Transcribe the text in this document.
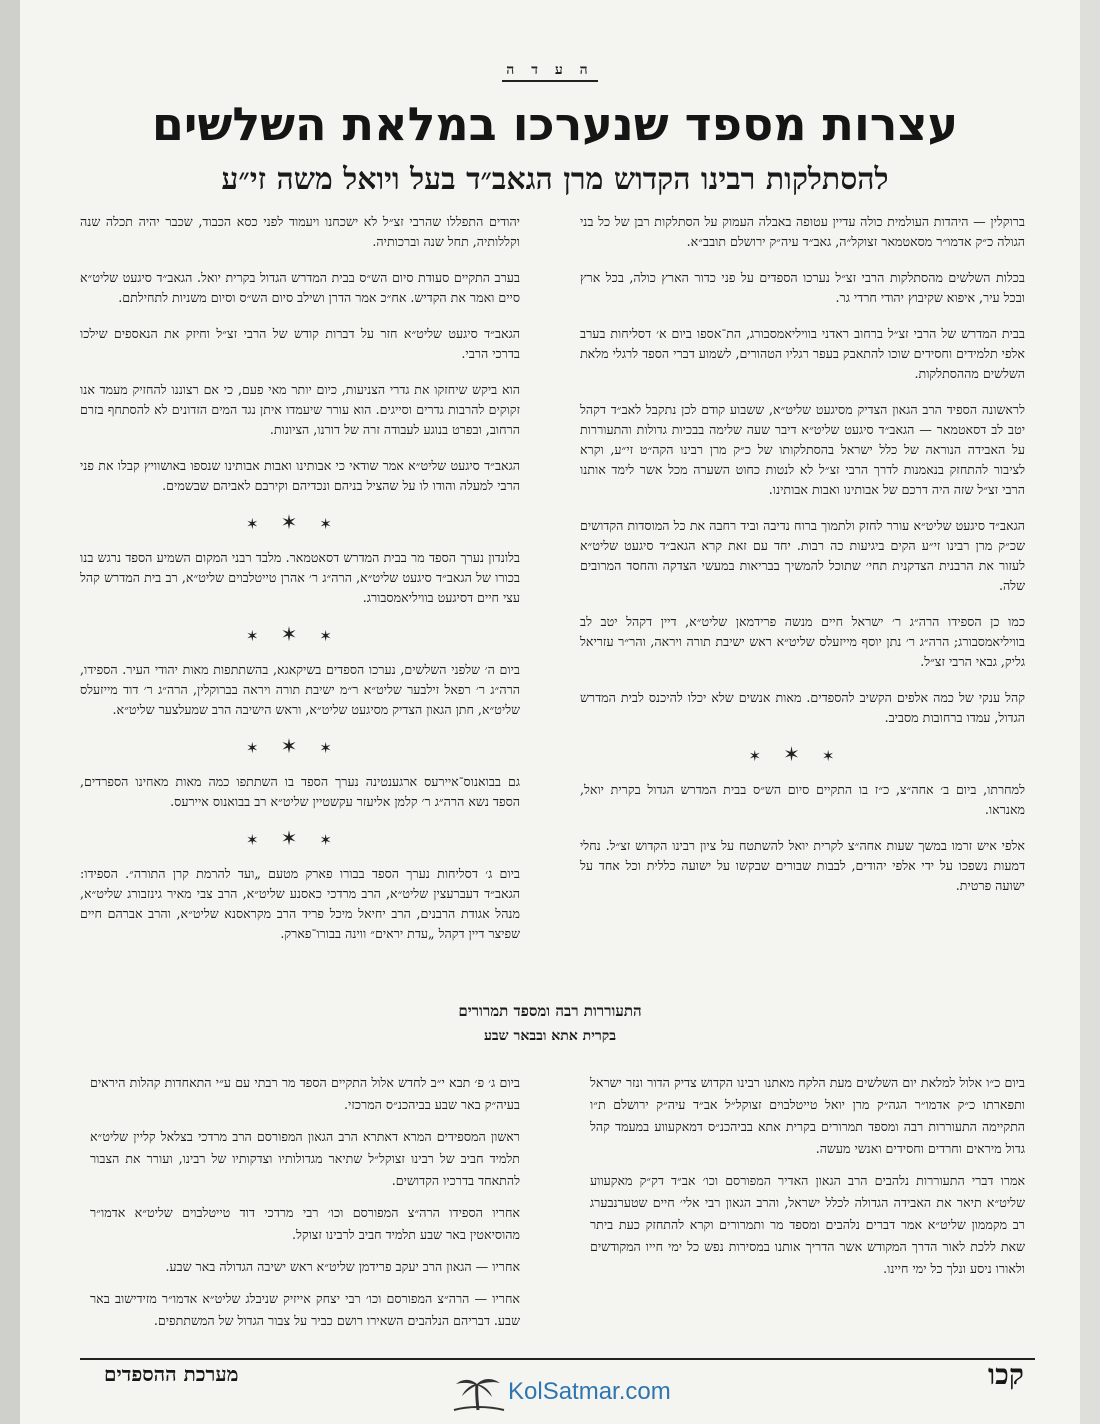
ה ע ד ה
עצרות מספד שנערכו במלאת השלשים
להסתלקות רבינו הקדוש מרן הגאב״ד בעל ויואל משה זי״ע

ברוקלין — היהדות העולמית כולה עדיין עטופה באבלה העמוק על הסתלקות רבן של כל בני הגולה כ״ק אדמו״ר מסאטמאר זצוקל״ה, גאב״ד עיה״ק ירושלם תובב״א.

בכלות השלשים מהסתלקות הרבי זצ״ל נערכו הספדים על פני כדור הארץ כולה, בכל ארץ ובכל עיר, איפוא שקיבוץ יהודי חרדי גר.

בבית המדרש של הרבי זצ״ל ברחוב ראדני בוויליאמסבורג, הת־אספו ביום א׳ דסליחות בערב אלפי תלמידים וחסידים שוכו להתאבק בעפר רגליו הטהורים, לשמוע דברי הספד לרגלי מלאת השלשים מההסתלקות.

לראשונה הספיד הרב הגאון הצדיק מסיגעט שליט״א, ששבוע קודם לכן נתקבל לאב״ד דקהל יטב לב דסאטמאר — הגאב״ד סיגעט שליט״א דיבר שעה שלימה בבכיות גדולות והתעוררות על האבידה הנוראה של כלל ישראל בהסתלקותו של כ״ק מרן רבינו הקה״ט זי״ע, וקרא לציבור להתחזק בנאמנות לדרך הרבי זצ״ל לא לנטות כחוט השערה מכל אשר לימד אותנו הרבי זצ״ל שזה היה דרכם של אבותינו ואבות אבותינו.

הגאב״ד סיגעט שליט״א עורר לחזק ולתמוך ברוח נדיבה וביד רחבה את כל המוסדות הקדושים שכ״ק מרן רבינו זי״ע הקים ביגיעות כה רבות. יחד עם זאת קרא הגאב״ד סיגעט שליט״א לעזור את הרבנית הצדקנית תחי׳ שתוכל להמשיך בבריאות במעשי הצדקה והחסד המרובים שלה.

כמו כן הספידו הרה״ג ר׳ ישראל חיים מנשה פרידמאן שליט״א, דיין דקהל יטב לב בוויליאמסבורג; הרה״ג ר׳ נתן יוסף מייזעלס שליט״א ראש ישיבת תורה ויראה, והר״ר עזריאל גליק, גבאי הרבי זצ״ל.

קהל ענקי של כמה אלפים הקשיב להספדים. מאות אנשים שלא יכלו להיכנס לבית המדרש הגדול, עמדו ברחובות מסביב.

✶✶✶

למחרתו, ביום ב׳ אחה״צ, כ״ז בו התקיים סיום הש״ס בבית המדרש הגדול בקרית יואל, מאנראו.

אלפי איש זרמו במשך שעות אחה״צ לקרית יואל להשתטח על ציון רבינו הקדוש זצ״ל. נחלי דמעות נשפכו על ידי אלפי יהודים, לבבות שבורים שבקשו על ישועה כללית וכל אחד על ישועה פרטית.

יהודים התפללו שהרבי זצ״ל לא ישכחנו ויעמוד לפני כסא הכבוד, שכבר יהיה תכלה שנה וקללותיה, תחל שנה וברכותיה.

בערב התקיים סעודת סיום הש״ס בבית המדרש הגדול בקרית יואל. הגאב״ד סיגעט שליט״א סיים ואמר את הקדיש. אח״כ אמר הדרן ושילב סיום הש״ס וסיום משניות לתחילתם.

הגאב״ד סיגעט שליט״א חזר על דברות קודש של הרבי זצ״ל וחיזק את הנאספים שילכו בדרכי הרבי.

הוא ביקש שיחזקו את גדרי הצניעות, כיום יותר מאי פעם, כי אם רצוננו להחזיק מעמד אנו זקוקים להרבות גדרים וסייגים. הוא עורר שיעמדו איתן נגד המים הזדונים לא להסתחף בזרם הרחוב, ובפרט בנוגע לעבודה זרה של דורנו, הציונות.

הגאב״ד סיגעט שליט״א אמר שודאי כי אבותינו ואבות אבותינו שנספו באושוויץ קבלו את פני הרבי למעלה והודו לו על שהציל בניהם ונכדיהם וקירבם לאביהם שבשמים.

✶✶✶

בלונדון נערך הספד מר בבית המדרש דסאטמאר. מלבד רבני המקום השמיע הספד נרגש בנו בכורו של הגאב״ד סיגעט שליט״א, הרה״ג ר׳ אהרן טייטלבוים שליט״א, רב בית המדרש קהל עצי חיים דסיגעט בוויליאמסבורג.

✶✶✶

ביום ה׳ שלפני השלשים, נערכו הספדים בשיקאגא, בהשתתפות מאות יהודי העיר. הספידו, הרה״ג ר׳ רפאל זילבער שליט״א ר״מ ישיבת תורה ויראה בברוקלין, הרה״ג ר׳ דוד מייזעלס שליט״א, חתן הגאון הצדיק מסיגעט שליט״א, וראש הישיבה הרב שמעלצער שליט״א.

✶✶✶

גם בבואנוס־איירעס ארגענטינה נערך הספד בו השתתפו כמה מאות מאחינו הספרדים, הספד נשא הרה״ג ר׳ קלמן אליעזר עקשטיין שליט״א רב בבואנוס איירעס.

✶✶✶

ביום ג׳ דסליחות נערך הספד בבורו פארק מטעם „ועד להרמת קרן התורה״. הספידו: הגאב״ד דעברעצין שליט״א, הרב מרדכי כאסנע שליט״א, הרב צבי מאיר גינזבורג שליט״א, מנהל אגודת הרבנים, הרב יחיאל מיכל פריד הרב מקראסנא שליט״א, והרב אברהם חיים שפיצר דיין דקהל „עדת יראים״ ווינה בבורו־פארק.

התעוררות רבה ומספד תמרורים
בקרית אתא ובבאר שבע

ביום כ״ו אלול למלאת יום השלשים מעת הלקח מאתנו רבינו הקדוש צדיק הדור ונזר ישראל ותפארתו כ״ק אדמו״ר הגה״ק מרן יואל טייטלבוים זצוקל״ל אב״ד עיה״ק ירושלם ת״ו התקיימה התעוררות רבה ומספד תמרורים בקרית אתא בביהכנ״ס דמאקעווע במעמד קהל גדול מיראים וחרדים וחסידים ואנשי מעשה.

אמרו דברי התעוררות נלהבים הרב הגאון האדיר המפורסם וכו׳ אב״ד דק״ק מאקעווע שליט״א תיאר את האבידה הגדולה לכלל ישראל, והרב הגאון רבי אלי׳ חיים שטערנבערג רב מקממון שליט״א אמר דברים נלהבים ומספד מר ותמרורים וקרא להתחזק כעת ביתר שאת ללכת לאור הדרך המקודש אשר הדריך אותנו במסירות נפש כל ימי חייו המקודשים ולאורו ניסע ונלך כל ימי חיינו.

ביום ג׳ פ׳ תבא י״ב לחדש אלול התקיים הספד מר רבתי עם ע״י התאחדות קהלות היראים בעיה״ק באר שבע בביהכנ״ס המרכזי.

ראשון המספידים המרא דאתרא הרב הגאון המפורסם הרב מרדכי בצלאל קליין שליט״א תלמיד חביב של רבינו זצוקל״ל שתיאר מגדולותיו וצדקותיו של רבינו, ועורר את הצבור להתאחד בדרכיו הקדושים.

אחריו הספידו הרה״צ המפורסם וכו׳ רבי מרדכי דוד טייטלבוים שליט״א אדמו״ר מהוסיאטין באר שבע תלמיד חביב לרבינו זצוקל.

אחריו — הגאון הרב יעקב פרידמן שליט״א ראש ישיבה הגדולה באר שבע.

אחריו — הרה״צ המפורסם וכו׳ רבי יצחק אייזיק שניבלג שליט״א אדמו״ר מזידישוב באר שבע. דבריהם הנלהבים השאירו רושם כביר על צבור הגדול של המשתתפים.

מערכת ההספדים	קכו
KolSatmar.com
